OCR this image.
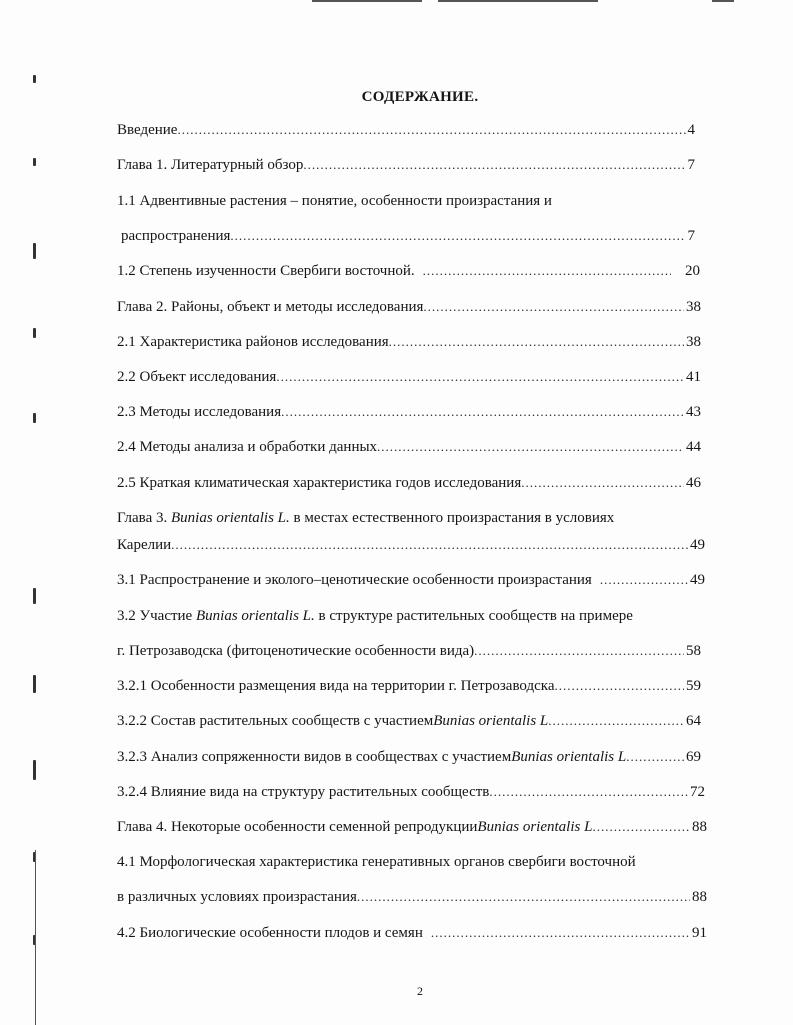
СОДЕРЖАНИЕ.
Введение .....	4
Глава 1. Литературный обзор .....	7
1.1 Адвентивные растения – понятие, особенности произрастания и
распространения .....	7
1.2 Степень изученности Свербиги восточной. .....	20
Глава 2. Районы, объект и методы исследования .....	38
2.1 Характеристика районов исследования .....	38
2.2 Объект исследования .....	41
2.3 Методы исследования .....	43
2.4 Методы анализа и обработки данных .....	44
2.5 Краткая климатическая характеристика годов исследования .....	46
Глава 3. Bunias orientalis L. в местах естественного произрастания в условиях
Карелии .....	49
3.1 Распространение и эколого–ценотические особенности произрастания .....	49
3.2 Участие Bunias orientalis L. в структуре растительных сообществ на примере
г. Петрозаводска (фитоценотические особенности вида) .....	58
3.2.1 Особенности размещения вида на территории г. Петрозаводска .....	59
3.2.2 Состав растительных сообществ с участием Bunias orientalis L .....	64
3.2.3 Анализ сопряженности видов в сообществах с участием Bunias orientalis L .....	69
3.2.4 Влияние вида на структуру растительных сообществ .....	72
Глава 4. Некоторые особенности семенной репродукции Bunias orientalis L .....	88
4.1 Морфологическая характеристика генеративных органов свербиги восточной
в различных условиях произрастания .....	88
4.2 Биологические особенности плодов и семян .....	91
2
